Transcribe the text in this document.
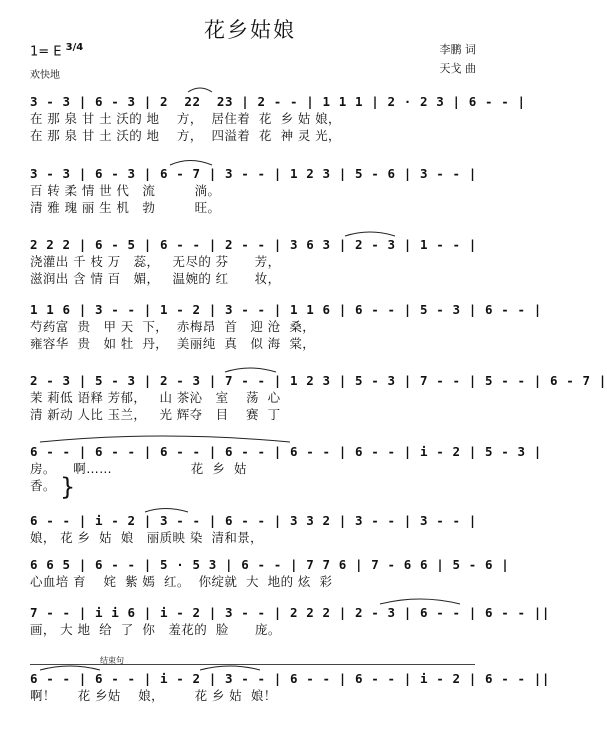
花乡姑娘
1= E $^{3/4}$
欢快地
李鹏 词
天戈 曲
3 - 3 | 6 - 3 | 2  22  23 | 2 - - | 1 1 1 | 2 · 2 3 | 6 - - |
在 那 泉 甘 土 沃的 地    方，  居住着  花  乡 姑 娘，
在 那 泉 甘 土 沃的 地    方，  四溢着  花  神 灵 光，
3 - 3 | 6 - 3 | 6 - 7 | 3 - - | 1 2 3 | 5 - 6 | 3 - - |
百 转 柔 情 世 代   流         淌。
清 雅 瑰 丽 生 机   勃         旺。
2 2 2 | 6 - 5 | 6 - - | 2 - - | 3 6 3 | 2 - 3 | 1 - - |
浇灌出 千 枝 万   蕊，   无尽的 芬      芳，
滋润出 含 情 百   媚，   温婉的 红      妆，
1 1 6 | 3 - - | 1 - 2 | 3 - - | 1 1 6 | 6 - - | 5 - 3 | 6 - - |
芍药富  贵   甲 天  下，  赤梅昂  首   迎 沧  桑，
雍容华  贵   如 牡  丹，  美丽纯  真   似 海  棠，
2 - 3 | 5 - 3 | 2 - 3 | 7 - - | 1 2 3 | 5 - 3 | 7 - - | 5 - - | 6 - 7 |
茉 莉低 语释 芳郁，   山 茶沁   室    荡  心
清 新动 人比 玉兰，   光 辉夺   目    赛  丁
6 - - | 6 - - | 6 - - | 6 - - | 6 - - | 6 - - | i - 2 | 5 - 3 |
房。    啊……                  花  乡  姑
香。 }
6 - - | i - 2 | 3 - - | 6 - - | 3 3 2 | 3 - - | 3 - - |
娘， 花 乡  姑  娘   丽质映 染  清和景，
6 6 5 | 6 - - | 5 · 5 3 | 6 - - | 7 7 6 | 7 - 6 6 | 5 - 6 |
心血培 育    姹  紫 嫣  红。  你绽就  大  地的 炫  彩
7 - - | i i 6 | i - 2 | 3 - - | 2 2 2 | 2 - 3 | 6 - - | 6 - - ||
画， 大 地  给  了  你   羞花的  脸      庞。
结束句
6 - - | 6 - - | i - 2 | 3 - - | 6 - - | 6 - - | i - 2 | 6 - - ||
啊！     花 乡姑    娘，       花 乡 姑  娘！
